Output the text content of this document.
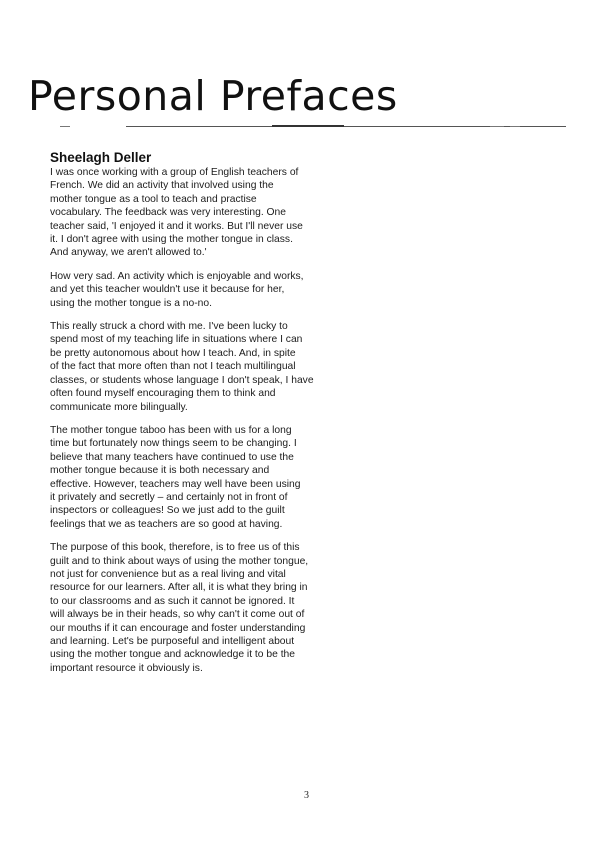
Personal Prefaces
Sheelagh Deller
I was once working with a group of English teachers of
French. We did an activity that involved using the
mother tongue as a tool to teach and practise
vocabulary. The feedback was very interesting. One
teacher said, 'I enjoyed it and it works. But I'll never use
it. I don't agree with using the mother tongue in class.
And anyway, we aren't allowed to.'
How very sad. An activity which is enjoyable and works,
and yet this teacher wouldn't use it because for her,
using the mother tongue is a no-no.
This really struck a chord with me. I've been lucky to
spend most of my teaching life in situations where I can
be pretty autonomous about how I teach. And, in spite
of the fact that more often than not I teach multilingual
classes, or students whose language I don't speak, I have
often found myself encouraging them to think and
communicate more bilingually.
The mother tongue taboo has been with us for a long
time but fortunately now things seem to be changing. I
believe that many teachers have continued to use the
mother tongue because it is both necessary and
effective. However, teachers may well have been using
it privately and secretly – and certainly not in front of
inspectors or colleagues! So we just add to the guilt
feelings that we as teachers are so good at having.
The purpose of this book, therefore, is to free us of this
guilt and to think about ways of using the mother tongue,
not just for convenience but as a real living and vital
resource for our learners. After all, it is what they bring in
to our classrooms and as such it cannot be ignored. It
will always be in their heads, so why can't it come out of
our mouths if it can encourage and foster understanding
and learning. Let's be purposeful and intelligent about
using the mother tongue and acknowledge it to be the
important resource it obviously is.
3
